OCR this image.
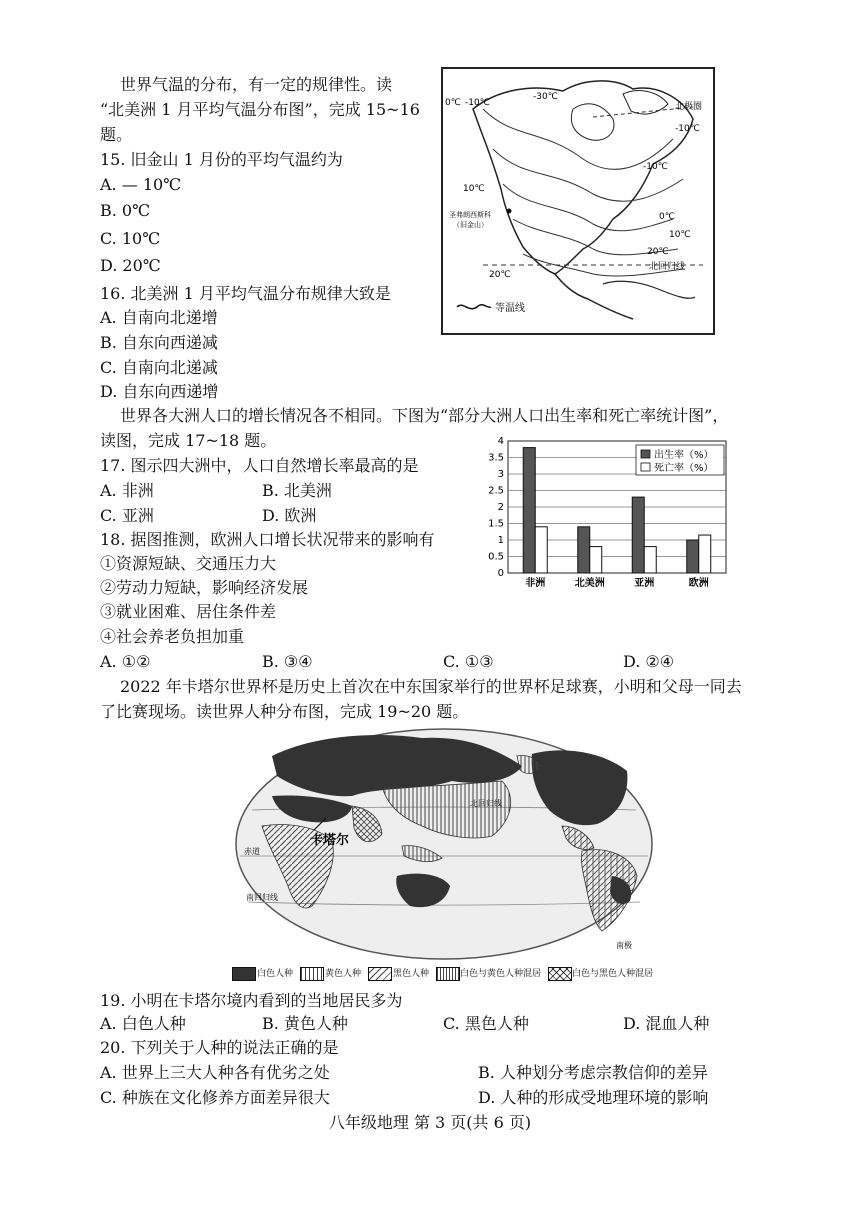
世界气温的分布，有一定的规律性。读
“北美洲 1 月平均气温分布图”，完成 15~16
题。
15. 旧金山 1 月份的平均气温约为
A. — 10℃
B. 0℃
C. 10℃
D. 20℃
16. 北美洲 1 月平均气温分布规律大致是
A. 自南向北递增
B. 自东向西递减
C. 自南向北递减
D. 自东向西递增
-30℃
0℃ -10℃	北极圈
-10℃
10℃
圣弗朗西斯科
（旧金山）
-10℃
0℃
20℃
北回归线
20℃
10℃
等温线
世界各大洲人口的增长情况各不相同。下图为“部分大洲人口出生率和死亡率统计图”，
读图，完成 17~18 题。
17. 图示四大洲中，人口自然增长率最高的是
A. 非洲	B. 北美洲
C. 亚洲	D. 欧洲
18. 据图推测，欧洲人口增长状况带来的影响有
①资源短缺、交通压力大
②劳动力短缺，影响经济发展
③就业困难、居住条件差
④社会养老负担加重
A. ①②	B. ③④	C. ①③	D. ②④
0
0.5
1
1.5
2
2.5
3
3.5
4
非洲	北美洲	亚洲	欧洲
出生率（%）
死亡率（%）
2022 年卡塔尔世界杯是历史上首次在中东国家举行的世界杯足球赛，小明和父母一同去
了比赛现场。读世界人种分布图，完成 19~20 题。
北回归线
卡塔尔
赤道
南回归线
南极
白色人种	黄色人种	黑色人种	白色与黄色人种混居	白色与黑色人种混居
19. 小明在卡塔尔境内看到的当地居民多为
A. 白色人种	B. 黄色人种	C. 黑色人种	D. 混血人种
20. 下列关于人种的说法正确的是
A. 世界上三大人种各有优劣之处	B. 人种划分考虑宗教信仰的差异
C. 种族在文化修养方面差异很大	D. 人种的形成受地理环境的影响
八年级地理 第 3 页(共 6 页)
